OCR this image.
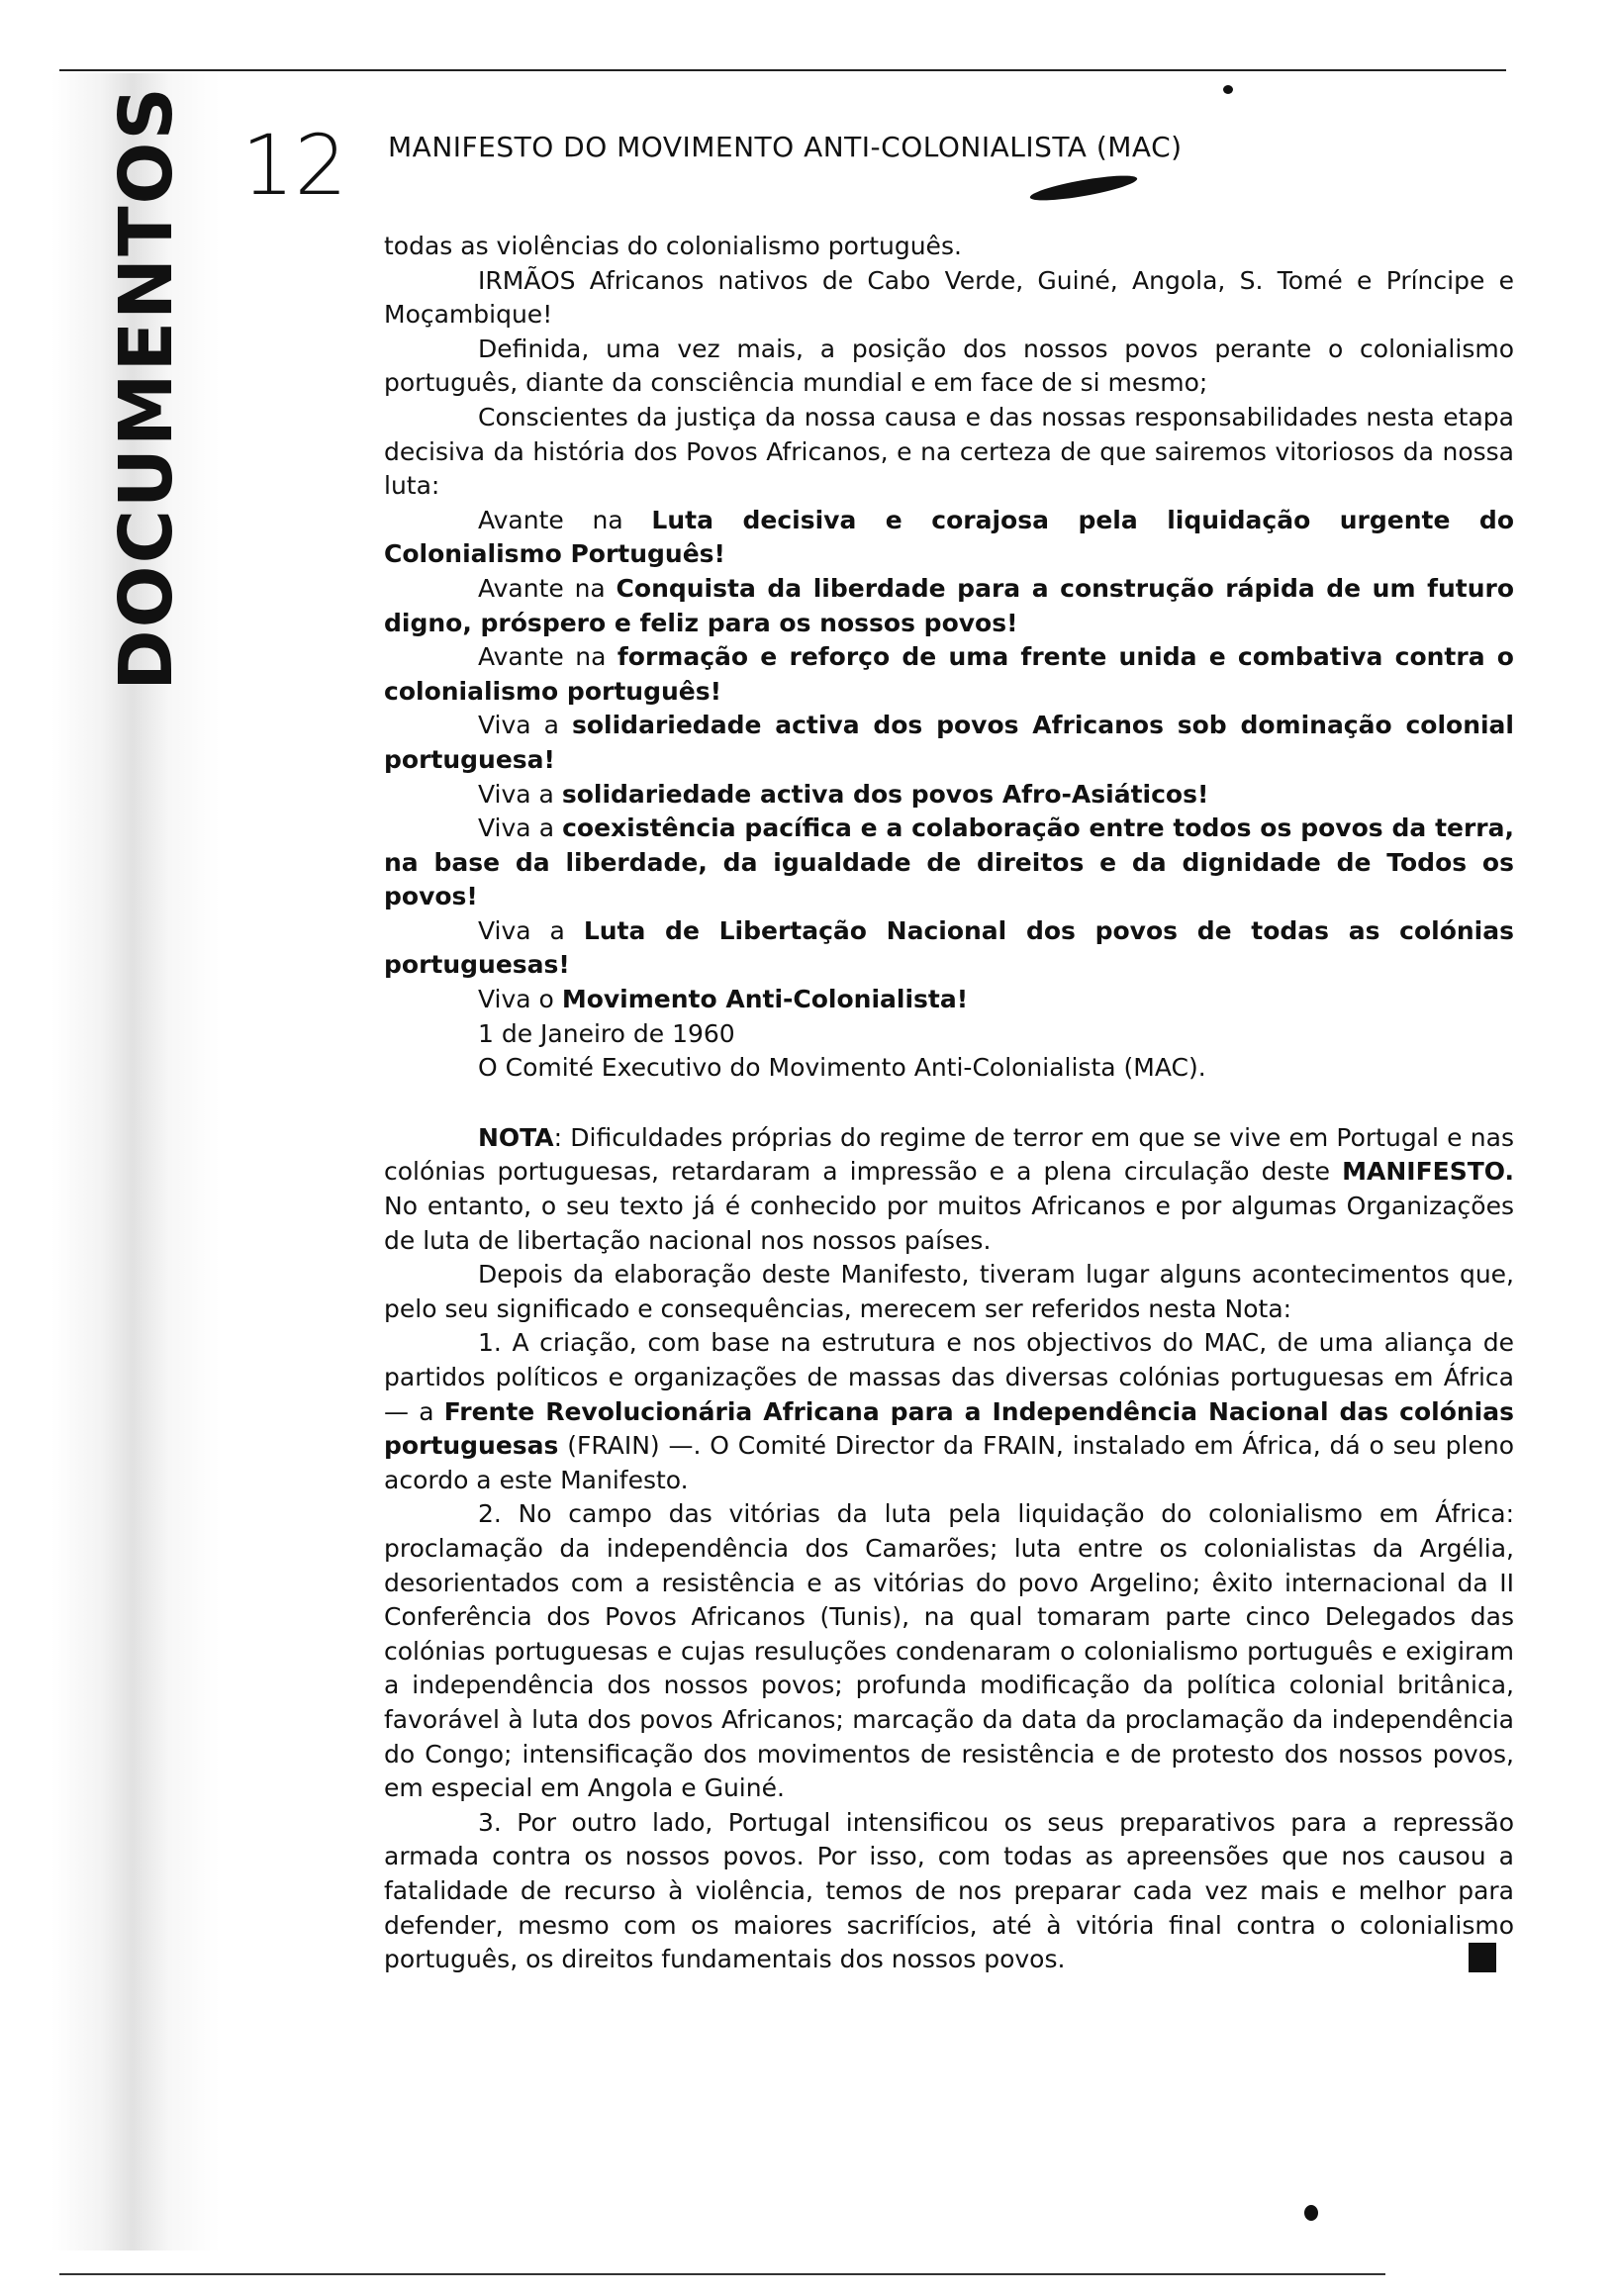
DOCUMENTOS 12 MANIFESTO DO MOVIMENTO ANTI-COLONIALISTA (MAC)

todas as violências do colonialismo português.

IRMÃOS Africanos nativos de Cabo Verde, Guiné, Angola, S. Tomé e Príncipe e Moçambique!

Definida, uma vez mais, a posição dos nossos povos perante o colonialismo português, diante da consciência mundial e em face de si mesmo;

Conscientes da justiça da nossa causa e das nossas responsabilidades nesta etapa decisiva da história dos Povos Africanos, e na certeza de que sairemos vitoriosos da nossa luta:

Avante na Luta decisiva e corajosa pela liquidação urgente do Colonialismo Português!

Avante na Conquista da liberdade para a construção rápida de um futuro digno, próspero e feliz para os nossos povos!

Avante na formação e reforço de uma frente unida e combativa contra o colonialismo português!

Viva a solidariedade activa dos povos Africanos sob dominação colonial portuguesa!

Viva a solidariedade activa dos povos Afro-Asiáticos!

Viva a coexistência pacífica e a colaboração entre todos os povos da terra, na base da liberdade, da igualdade de direitos e da dignidade de Todos os povos!

Viva a Luta de Libertação Nacional dos povos de todas as colónias portuguesas!

Viva o Movimento Anti-Colonialista!

1 de Janeiro de 1960

O Comité Executivo do Movimento Anti-Colonialista (MAC).

NOTA: Dificuldades próprias do regime de terror em que se vive em Portugal e nas colónias portuguesas, retardaram a impressão e a plena circulação deste MANIFESTO. No entanto, o seu texto já é conhecido por muitos Africanos e por algumas Organizações de luta de libertação nacional nos nossos países.

Depois da elaboração deste Manifesto, tiveram lugar alguns acontecimentos que, pelo seu significado e consequências, merecem ser referidos nesta Nota:

1. A criação, com base na estrutura e nos objectivos do MAC, de uma aliança de partidos políticos e organizações de massas das diversas colónias portuguesas em África — a Frente Revolucionária Africana para a Independência Nacional das colónias portuguesas (FRAIN) —. O Comité Director da FRAIN, instalado em África, dá o seu pleno acordo a este Manifesto.

2. No campo das vitórias da luta pela liquidação do colonialismo em África: proclamação da independência dos Camarões; luta entre os colonialistas da Argélia, desorientados com a resistência e as vitórias do povo Argelino; êxito internacional da II Conferência dos Povos Africanos (Tunis), na qual tomaram parte cinco Delegados das colónias portuguesas e cujas resuluções condenaram o colonialismo português e exigiram a independência dos nossos povos; profunda modificação da política colonial britânica, favorável à luta dos povos Africanos; marcação da data da proclamação da independência do Congo; intensificação dos movimentos de resistência e de protesto dos nossos povos, em especial em Angola e Guiné.

3. Por outro lado, Portugal intensificou os seus preparativos para a repressão armada contra os nossos povos. Por isso, com todas as apreensões que nos causou a fatalidade de recurso à violência, temos de nos preparar cada vez mais e melhor para defender, mesmo com os maiores sacrifícios, até à vitória final contra o colonialismo português, os direitos fundamentais dos nossos povos.
